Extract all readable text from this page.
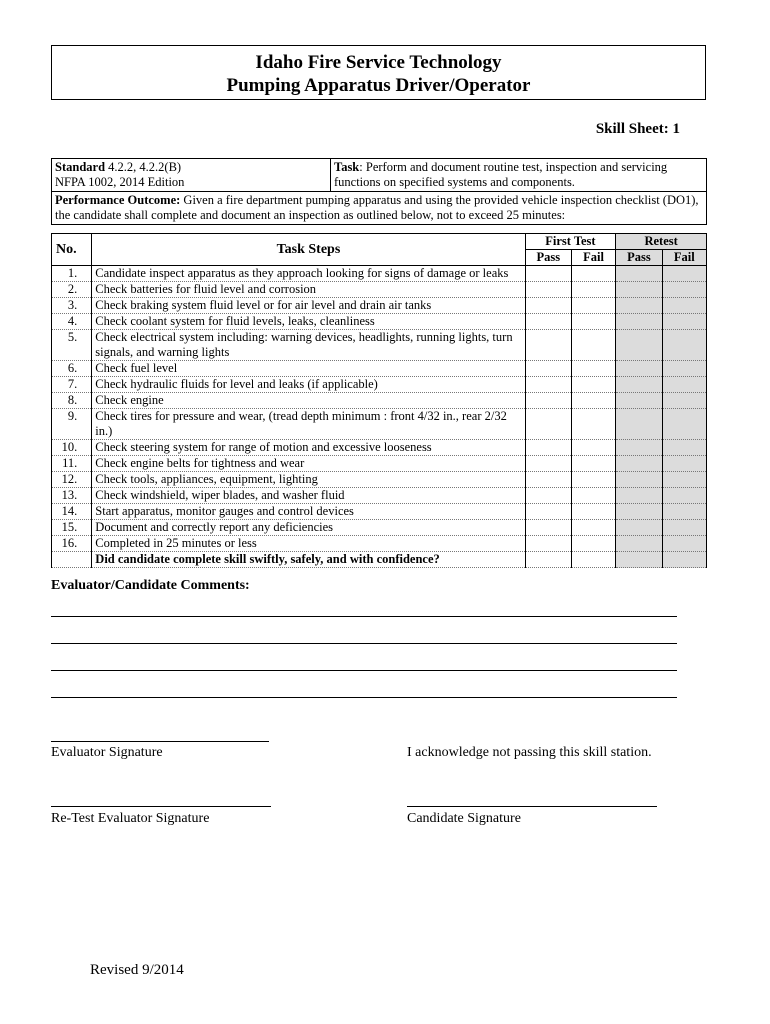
Idaho Fire Service Technology
Pumping Apparatus Driver/Operator
Skill Sheet: 1
Standard 4.2.2, 4.2.2(B)
NFPA 1002, 2014 Edition	Task: Perform and document routine test, inspection and servicing functions on specified systems and components.
Performance Outcome: Given a fire department pumping apparatus and using the provided vehicle inspection checklist (DO1), the candidate shall complete and document an inspection as outlined below, not to exceed 25 minutes:
No.	Task Steps	First Test		Retest	
		Pass	Fail	Pass	Fail
1.	Candidate inspect apparatus as they approach looking for signs of damage or leaks				
2.	Check batteries for fluid level and corrosion				
3.	Check braking system fluid level or for air level and drain air tanks				
4.	Check coolant system for fluid levels, leaks, cleanliness				
5.	Check electrical system including: warning devices, headlights, running lights, turn signals, and warning lights				
6.	Check fuel level				
7.	Check hydraulic fluids for level and leaks (if applicable)				
8.	Check engine				
9.	Check tires for pressure and wear, (tread depth minimum : front 4/32 in., rear 2/32 in.)				
10.	Check steering system for range of motion and excessive looseness				
11.	Check engine belts for tightness and wear				
12.	Check tools, appliances, equipment, lighting				
13.	Check windshield, wiper blades, and washer fluid				
14.	Start apparatus, monitor gauges and control devices				
15.	Document and correctly report any deficiencies				
16.	Completed in 25 minutes or less				
	Did candidate complete skill swiftly, safely, and with confidence?				
Evaluator/Candidate Comments:
Evaluator Signature	I acknowledge not passing this skill station.
Re-Test Evaluator Signature	Candidate Signature
Revised 9/2014
